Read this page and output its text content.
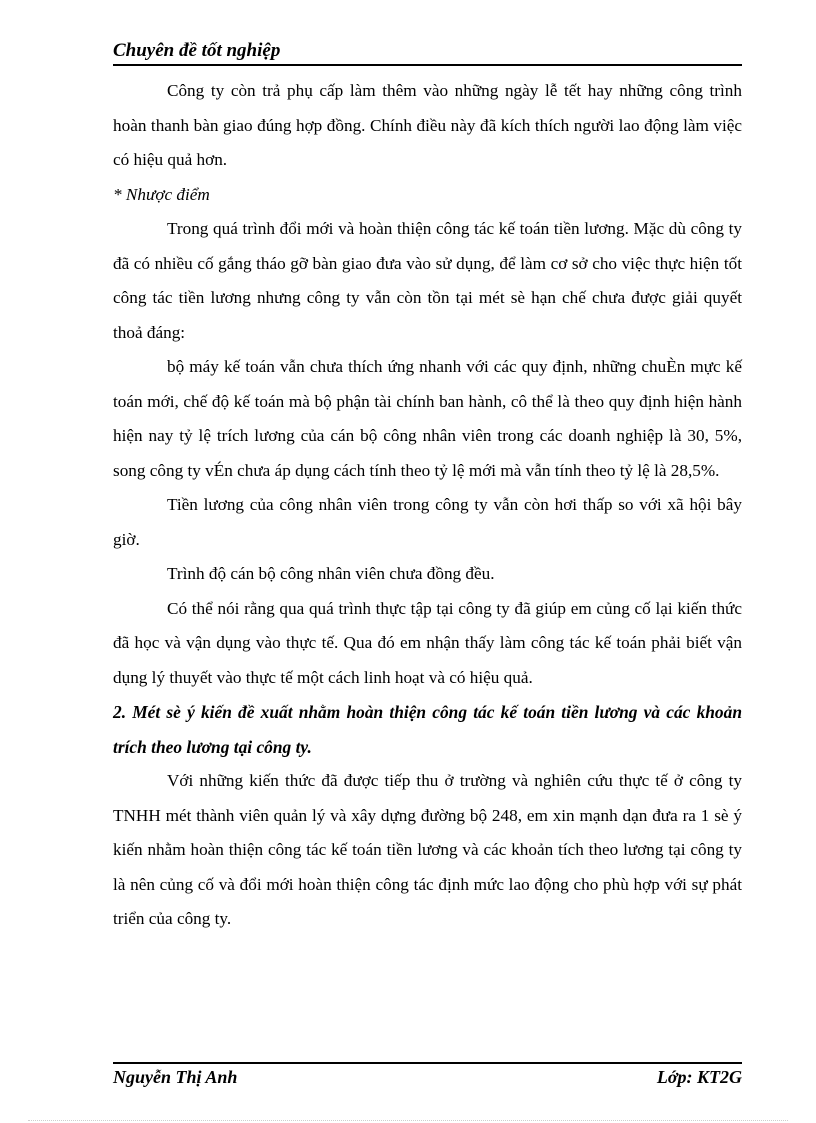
Chuyên đề tốt nghiệp

Công ty còn trả phụ cấp làm thêm vào những ngày lễ tết hay những công trình hoàn thanh bàn giao đúng hợp đồng. Chính điều này đã kích thích người lao động làm việc có hiệu quả hơn.

* Nhược điểm

Trong quá trình đổi mới và hoàn thiện công tác kế toán tiền lương. Mặc dù công ty đã có nhiều cố gắng tháo gỡ bàn giao đưa vào sử dụng, để làm cơ sở cho việc thực hiện tốt công tác tiền lương nhưng công ty vẫn còn tồn tại mét sè hạn chế chưa được giải quyết thoả đáng:

bộ máy kế toán vẫn chưa thích ứng nhanh với các quy định, những chuÈn mực kế toán mới, chế độ kế toán mà bộ phận tài chính ban hành, cô thể là theo quy định hiện hành hiện nay tỷ lệ trích lương của cán bộ công nhân viên trong các doanh nghiệp là 30, 5%, song công ty vÉn chưa áp dụng cách tính theo tỷ lệ mới mà vẫn tính theo tỷ lệ là 28,5%.

Tiền lương của công nhân viên trong công ty vẫn còn hơi thấp so với xã hội bây giờ.

Trình độ cán bộ công nhân viên chưa đồng đều.

Có thể nói rằng qua quá trình thực tập tại công ty đã giúp em củng cố lại kiến thức đã học và vận dụng vào thực tế. Qua đó em nhận thấy làm công tác kế toán phải biết vận dụng lý thuyết vào thực tế một cách linh hoạt và có hiệu quả.

2. Mét sè ý kiến đề xuất nhằm hoàn thiện công tác kế toán tiền lương và các khoản trích theo lương tại công ty.

Với những kiến thức đã được tiếp thu ở trường và nghiên cứu thực tế ở công ty TNHH mét thành viên quản lý và xây dựng đường bộ 248, em xin mạnh dạn đưa ra 1 sè ý kiến nhằm hoàn thiện công tác kế toán tiền lương và các khoản tích theo lương tại công ty là nên củng cố và đổi mới hoàn thiện công tác định mức lao động cho phù hợp với sự phát triển của công ty.

Nguyễn Thị Anh	Lớp: KT2G
